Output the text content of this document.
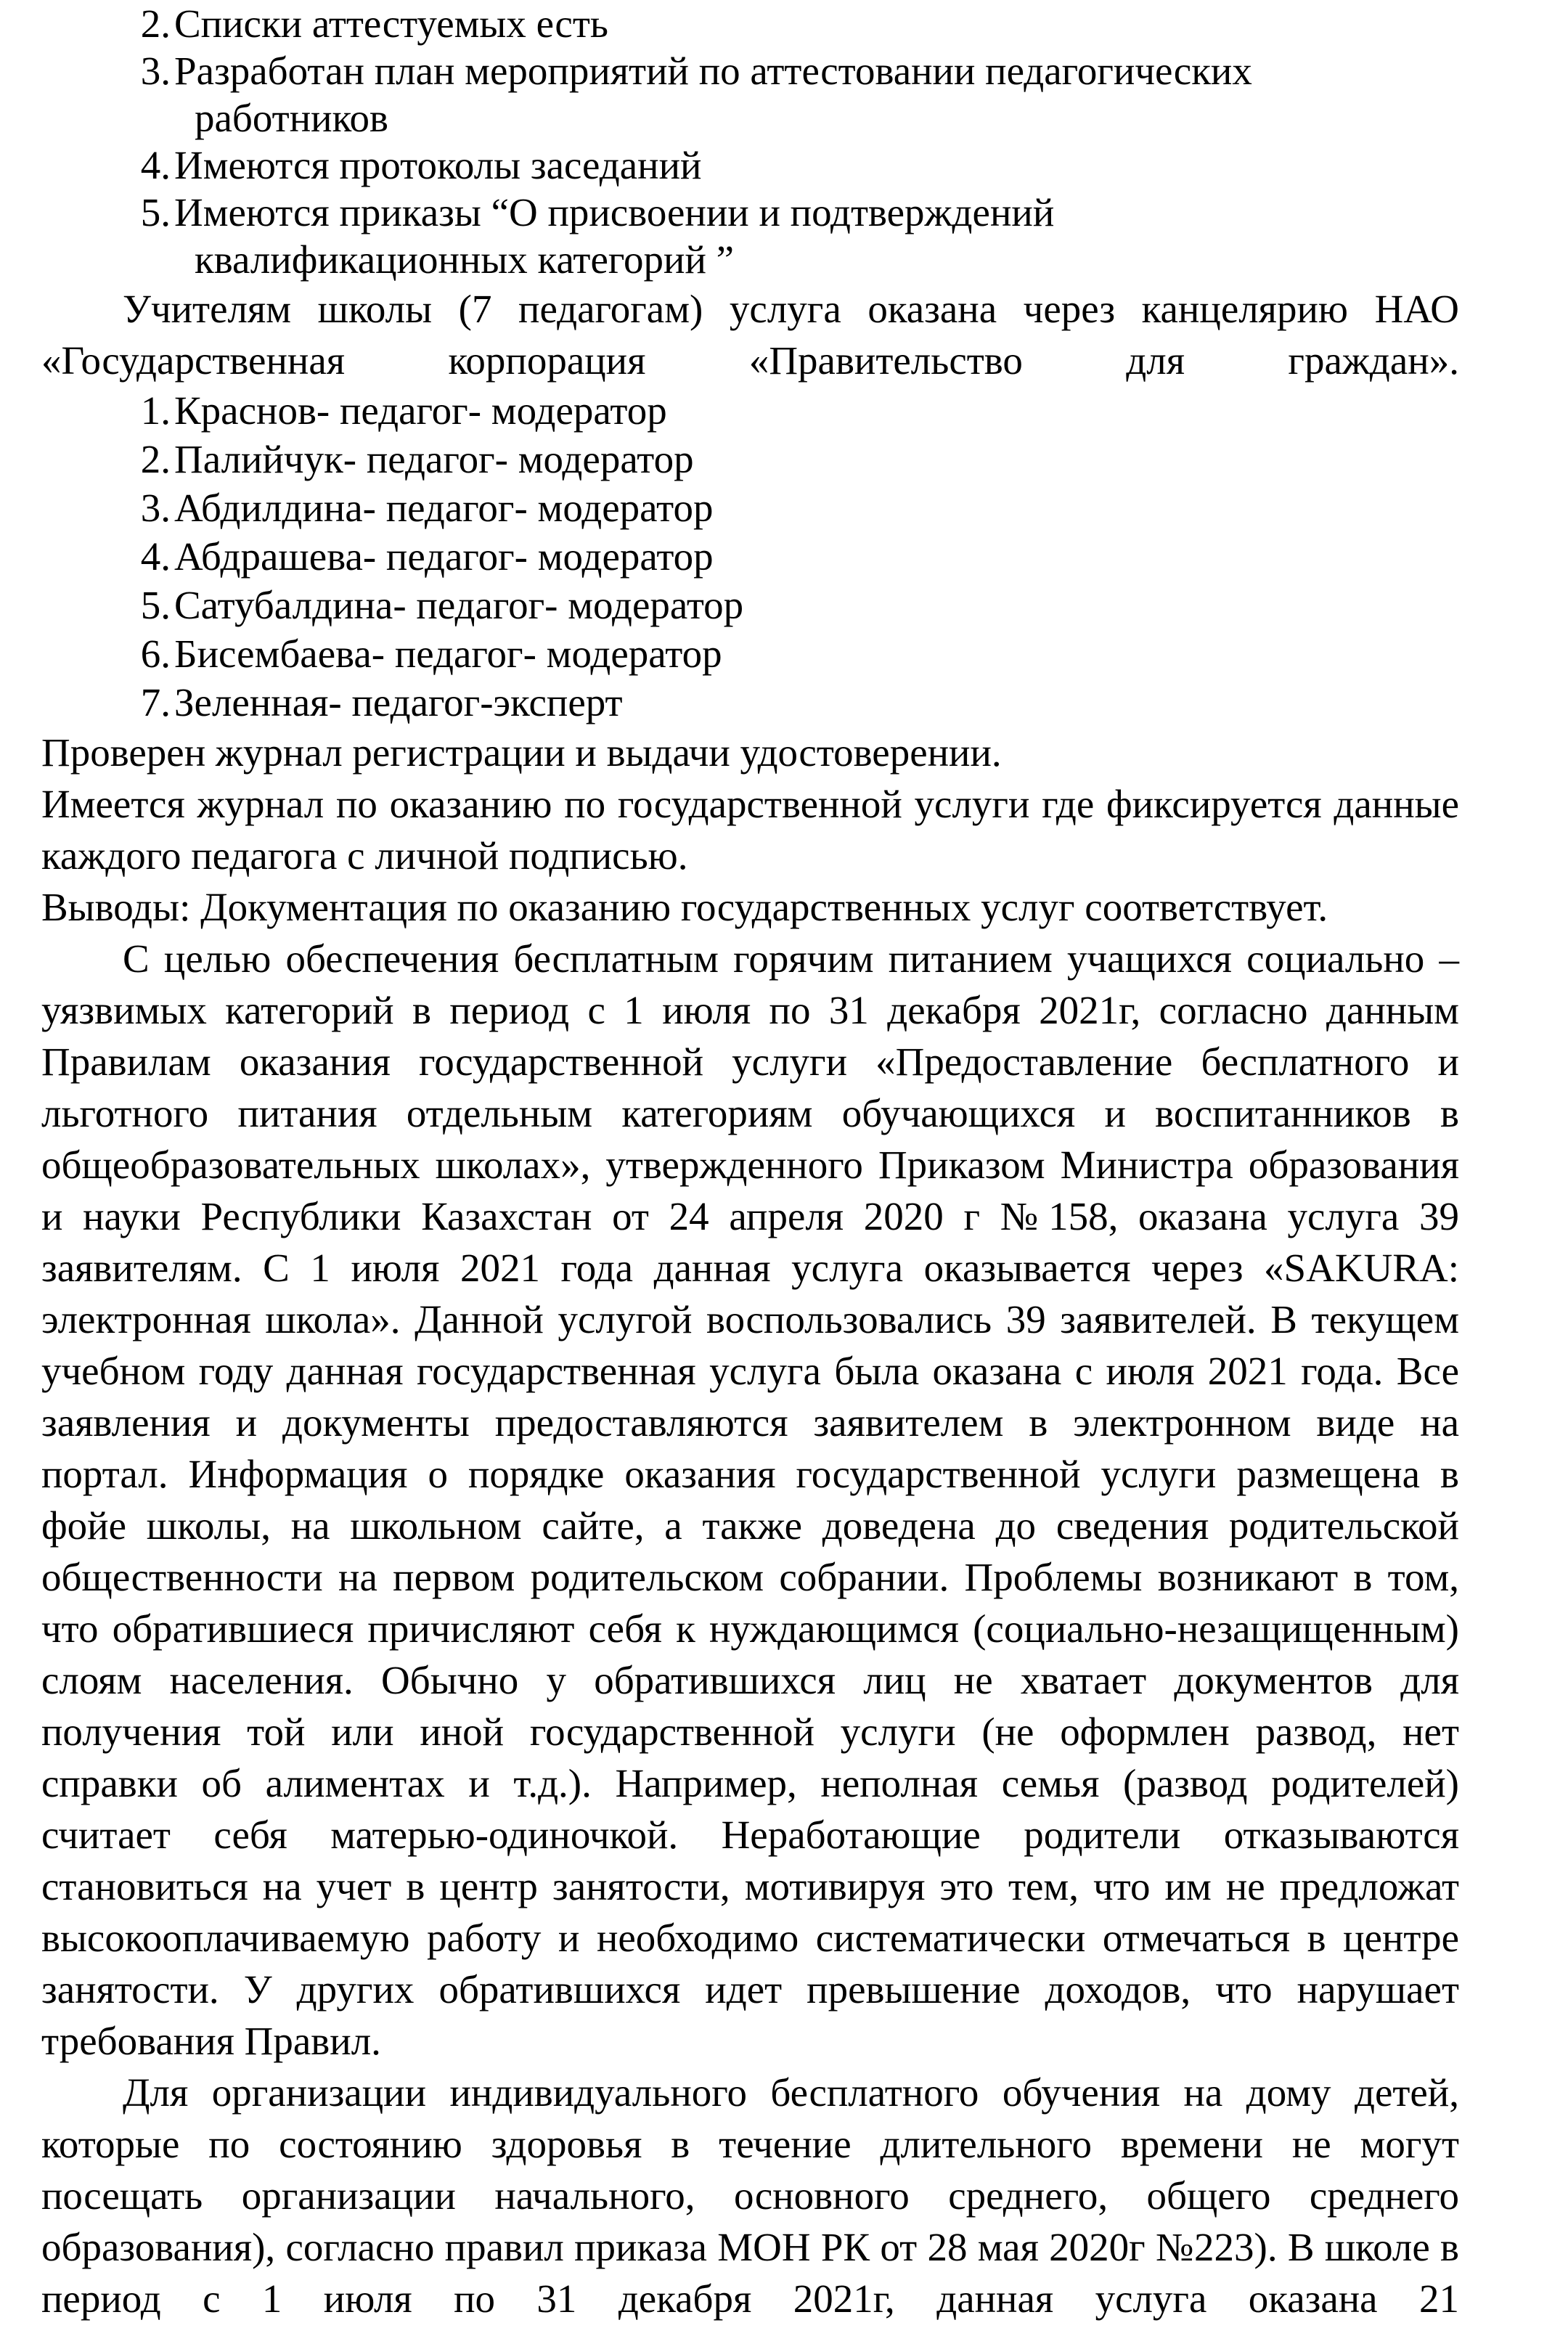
2. Списки аттестуемых есть
3. Разработан план мероприятий по аттестовании педагогических
работников
4. Имеются протоколы заседаний
5. Имеются приказы “О присвоении и подтверждений
квалификационных категорий ”

Учителям школы (7 педагогам) услуга оказана через канцелярию НАО «Государственная корпорация «Правительство для граждан».

1. Краснов- педагог- модератор
2. Палийчук- педагог- модератор
3. Абдилдина- педагог- модератор
4. Абдрашева- педагог- модератор
5. Сатубалдина- педагог- модератор
6. Бисембаева- педагог- модератор
7. Зеленная- педагог-эксперт

Проверен журнал регистрации и выдачи удостоверении.

Имеется журнал по оказанию по государственной услуги где фиксируется данные каждого педагога с личной подписью.

Выводы: Документация по оказанию государственных услуг соответствует.

С целью обеспечения бесплатным горячим питанием учащихся социально – уязвимых категорий в период с 1 июля по 31 декабря 2021г, согласно данным Правилам оказания государственной услуги «Предоставление бесплатного и льготного питания отдельным категориям обучающихся и воспитанников в общеобразовательных школах», утвержденного Приказом Министра образования и науки Республики Казахстан от 24 апреля 2020 г №158, оказана услуга 39 заявителям. С 1 июля 2021 года данная услуга оказывается через «SAKURA: электронная школа». Данной услугой воспользовались 39 заявителей. В текущем учебном году данная государственная услуга была оказана с июля 2021 года. Все заявления и документы предоставляются заявителем в электронном виде на портал. Информация о порядке оказания государственной услуги размещена в фойе школы, на школьном сайте, а также доведена до сведения родительской общественности на первом родительском собрании. Проблемы возникают в том, что обратившиеся причисляют себя к нуждающимся (социально-незащищенным) слоям населения. Обычно у обратившихся лиц не хватает документов для получения той или иной государственной услуги (не оформлен развод, нет справки об алиментах и т.д.). Например, неполная семья (развод родителей) считает себя матерью-одиночкой. Неработающие родители отказываются становиться на учет в центр занятости, мотивируя это тем, что им не предложат высокооплачиваемую работу и необходимо систематически отмечаться в центре занятости. У других обратившихся идет превышение доходов, что нарушает требования Правил.

Для организации индивидуального бесплатного обучения на дому детей, которые по состоянию здоровья в течение длительного времени не могут посещать организации начального, основного среднего, общего среднего образования), согласно правил приказа МОН РК от 28 мая 2020г №223). В школе в период с 1 июля по 31 декабря 2021г, данная услуга оказана 21
